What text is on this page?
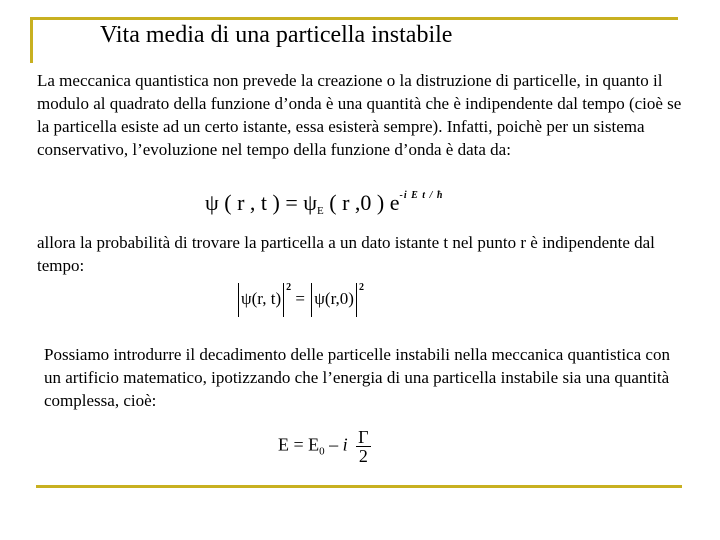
Vita media di una particella instabile

La meccanica quantistica non prevede la creazione o la distruzione di particelle, in quanto il modulo al quadrato della funzione d’onda è una quantità che è indipendente dal tempo (cioè se la particella esiste ad un certo istante, essa esisterà sempre). Infatti, poichè per un sistema conservativo, l’evoluzione nel tempo della funzione d’onda è data da:

ψ ( r , t ) = $\psi_E$ ( r ,0 ) $e^{-i E t / ħ}$

allora la probabilità di trovare la particella a un dato istante t nel punto r è indipendente dal tempo:

ψ(r, $t)^2 = \psi(r,0)^2$

Possiamo introdurre il decadimento delle particelle instabili nella meccanica quantistica con un artificio matematico, ipotizzando che l’energia di una particella instabile sia una quantità complessa, cioè:

$E = E_0 - i \frac{\Gamma}{2}$
